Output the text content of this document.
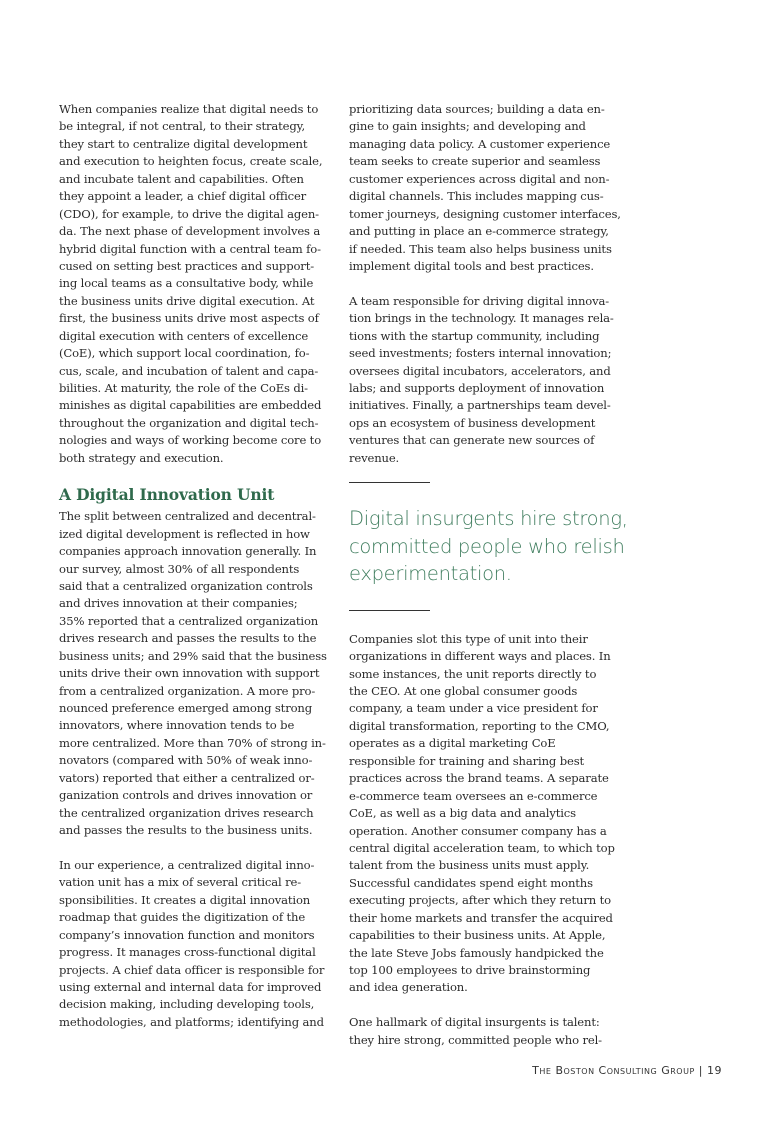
When companies realize that digital needs to
be integral, if not central, to their strategy,
they start to centralize digital development
and execution to heighten focus, create scale,
and incubate talent and capabilities. Often
they appoint a leader, a chief digital officer
(CDO), for example, to drive the digital agen-
da. The next phase of development involves a
hybrid digital function with a central team fo-
cused on setting best practices and support-
ing local teams as a consultative body, while
the business units drive digital execution. At
first, the business units drive most aspects of
digital execution with centers of excellence
(CoE), which support local coordination, fo-
cus, scale, and incubation of talent and capa-
bilities. At maturity, the role of the CoEs di-
minishes as digital capabilities are embedded
throughout the organization and digital tech-
nologies and ways of working become core to
both strategy and execution.
A Digital Innovation Unit
The split between centralized and decentral-
ized digital development is reflected in how
companies approach innovation generally. In
our survey, almost 30% of all respondents
said that a centralized organization controls
and drives innovation at their companies;
35% reported that a centralized organization
drives research and passes the results to the
business units; and 29% said that the business
units drive their own innovation with support
from a centralized organization. A more pro-
nounced preference emerged among strong
innovators, where innovation tends to be
more centralized. More than 70% of strong in-
novators (compared with 50% of weak inno-
vators) reported that either a centralized or-
ganization controls and drives innovation or
the centralized organization drives research
and passes the results to the business units.
In our experience, a centralized digital inno-
vation unit has a mix of several critical re-
sponsibilities. It creates a digital innovation
roadmap that guides the digitization of the
company’s innovation function and monitors
progress. It manages cross-functional digital
projects. A chief data officer is responsible for
using external and internal data for improved
decision making, including developing tools,
methodologies, and platforms; identifying and
prioritizing data sources; building a data en-
gine to gain insights; and developing and
managing data policy. A customer experience
team seeks to create superior and seamless
customer experiences across digital and non-
digital channels. This includes mapping cus-
tomer journeys, designing customer interfaces,
and putting in place an e-commerce strategy,
if needed. This team also helps business units
implement digital tools and best practices.
A team responsible for driving digital innova-
tion brings in the technology. It manages rela-
tions with the startup community, including
seed investments; fosters internal innovation;
oversees digital incubators, accelerators, and
labs; and supports deployment of innovation
initiatives. Finally, a partnerships team devel-
ops an ecosystem of business development
ventures that can generate new sources of
revenue.
Digital insurgents hire strong,
committed people who relish
experimentation.
Companies slot this type of unit into their
organizations in different ways and places. In
some instances, the unit reports directly to
the CEO. At one global consumer goods
company, a team under a vice president for
digital transformation, reporting to the CMO,
operates as a digital marketing CoE
responsible for training and sharing best
practices across the brand teams. A separate
e-commerce team oversees an e-commerce
CoE, as well as a big data and analytics
operation. Another consumer company has a
central digital acceleration team, to which top
talent from the business units must apply.
Successful candidates spend eight months
executing projects, after which they return to
their home markets and transfer the acquired
capabilities to their business units. At Apple,
the late Steve Jobs famously handpicked the
top 100 employees to drive brainstorming
and idea generation.
One hallmark of digital insurgents is talent:
they hire strong, committed people who rel-
The Boston Consulting Group | 19
